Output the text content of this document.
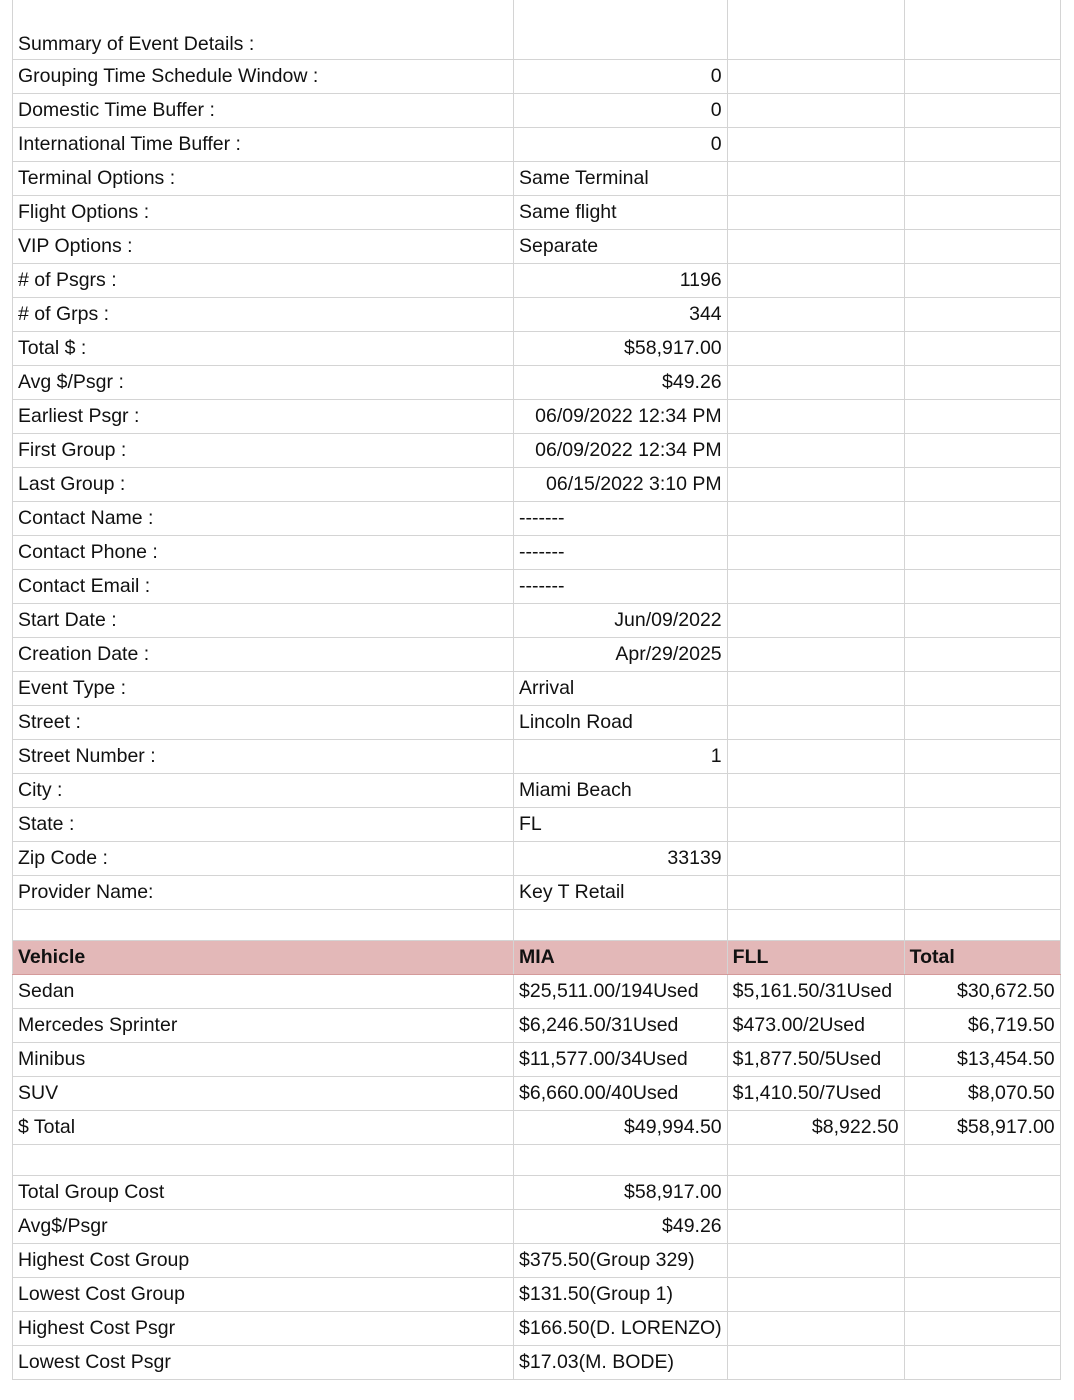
Summary of Event Details :			
Grouping Time Schedule Window :	0		
Domestic Time Buffer :	0		
International Time Buffer :	0		
Terminal Options :	Same Terminal		
Flight Options :	Same flight		
VIP Options :	Separate		
# of Psgrs :	1196		
# of Grps :	344		
Total $ :	$58,917.00		
Avg $/Psgr :	$49.26		
Earliest Psgr :	06/09/2022 12:34 PM		
First Group :	06/09/2022 12:34 PM		
Last Group :	06/15/2022 3:10 PM		
Contact Name :	-------		
Contact Phone :	-------		
Contact Email :	-------		
Start Date :	Jun/09/2022		
Creation Date :	Apr/29/2025		
Event Type :	Arrival		
Street :	Lincoln Road		
Street Number :	1		
City :	Miami Beach		
State :	FL		
Zip Code :	33139		
Provider Name:	Key T Retail		

Vehicle	MIA	FLL	Total
Sedan	$25,511.00/194Used	$5,161.50/31Used	$30,672.50
Mercedes Sprinter	$6,246.50/31Used	$473.00/2Used	$6,719.50
Minibus	$11,577.00/34Used	$1,877.50/5Used	$13,454.50
SUV	$6,660.00/40Used	$1,410.50/7Used	$8,070.50
$ Total	$49,994.50	$8,922.50	$58,917.00

Total Group Cost	$58,917.00		
Avg$/Psgr	$49.26		
Highest Cost Group	$375.50(Group 329)		
Lowest Cost Group	$131.50(Group 1)		
Highest Cost Psgr	$166.50(D. LORENZO)		
Lowest Cost Psgr	$17.03(M. BODE)		
